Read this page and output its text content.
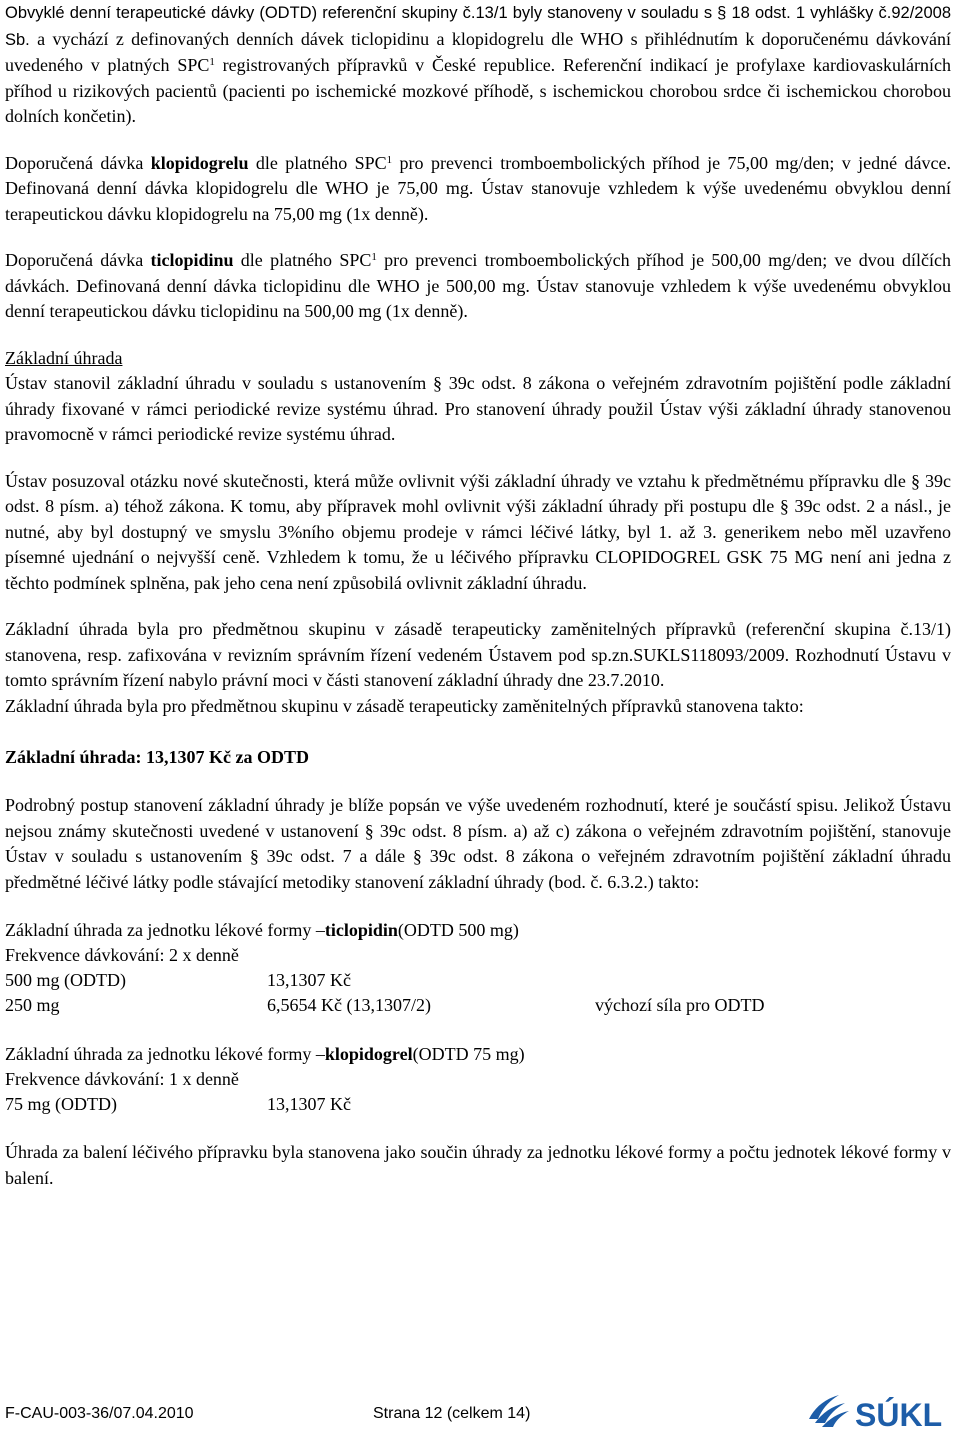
Obvyklé denní terapeutické dávky (ODTD) referenční skupiny č.13/1 byly stanoveny v souladu s § 18 odst. 1 vyhlášky č.92/2008 Sb. a vychází z definovaných denních dávek ticlopidinu a klopidogrelu dle WHO s přihlédnutím k doporučenému dávkování uvedeného v platných SPC$^1$ registrovaných přípravků v České republice. Referenční indikací je profylaxe kardiovaskulárních příhod u rizikových pacientů (pacienti po ischemické mozkové příhodě, s ischemickou chorobou srdce či ischemickou chorobou dolních končetin).

Doporučená dávka klopidogrelu dle platného SPC$^1$ pro prevenci tromboembolických příhod je 75,00 mg/den; v jedné dávce. Definovaná denní dávka klopidogrelu dle WHO je 75,00 mg. Ústav stanovuje vzhledem k výše uvedenému obvyklou denní terapeutickou dávku klopidogrelu na 75,00 mg (1x denně).

Doporučená dávka ticlopidinu dle platného SPC$^1$ pro prevenci tromboembolických příhod je 500,00 mg/den; ve dvou dílčích dávkách. Definovaná denní dávka ticlopidinu dle WHO je 500,00 mg. Ústav stanovuje vzhledem k výše uvedenému obvyklou denní terapeutickou dávku ticlopidinu na 500,00 mg (1x denně).

Základní úhrada

Ústav stanovil základní úhradu v souladu s ustanovením § 39c odst. 8 zákona o veřejném zdravotním pojištění podle základní úhrady fixované v rámci periodické revize systému úhrad. Pro stanovení úhrady použil Ústav výši základní úhrady stanovenou pravomocně v rámci periodické revize systému úhrad.

Ústav posuzoval otázku nové skutečnosti, která může ovlivnit výši základní úhrady ve vztahu k předmětnému přípravku dle § 39c odst. 8 písm. a) téhož zákona. K tomu, aby přípravek mohl ovlivnit výši základní úhrady při postupu dle § 39c odst. 2 a násl., je nutné, aby byl dostupný ve smyslu 3%ního objemu prodeje v rámci léčivé látky, byl 1. až 3. generikem nebo měl uzavřeno písemné ujednání o nejvyšší ceně. Vzhledem k tomu, že u léčivého přípravku CLOPIDOGREL GSK 75 MG není ani jedna z těchto podmínek splněna, pak jeho cena není způsobilá ovlivnit základní úhradu.

Základní úhrada byla pro předmětnou skupinu v zásadě terapeuticky zaměnitelných přípravků (referenční skupina č.13/1) stanovena, resp. zafixována v revizním správním řízení vedeném Ústavem pod sp.zn.SUKLS118093/2009. Rozhodnutí Ústavu v tomto správním řízení nabylo právní moci v části stanovení základní úhrady dne 23.7.2010.

Základní úhrada byla pro předmětnou skupinu v zásadě terapeuticky zaměnitelných přípravků stanovena takto:

Základní úhrada: 13,1307 Kč za ODTD

Podrobný postup stanovení základní úhrady je blíže popsán ve výše uvedeném rozhodnutí, které je součástí spisu. Jelikož Ústavu nejsou známy skutečnosti uvedené v ustanovení § 39c odst. 8 písm. a) až c) zákona o veřejném zdravotním pojištění, stanovuje Ústav v souladu s ustanovením § 39c odst. 7 a dále § 39c odst. 8 zákona o veřejném zdravotním pojištění základní úhradu předmětné léčivé látky podle stávající metodiky stanovení základní úhrady (bod. č. 6.3.2.) takto:

Základní úhrada za jednotku lékové formy – ticlopidin (ODTD 500 mg)
Frekvence dávkování: 2 x denně
500 mg (ODTD)	13,1307 Kč
250 mg	6,5654 Kč (13,1307/2)	výchozí síla pro ODTD
Základní úhrada za jednotku lékové formy – klopidogrel (ODTD 75 mg)
Frekvence dávkování: 1 x denně
75 mg (ODTD)	13,1307 Kč

Úhrada za balení léčivého přípravku byla stanovena jako součin úhrady za jednotku lékové formy a počtu jednotek lékové formy v balení.

F-CAU-003-36/07.04.2010	Strana 12 (celkem 14)	SÚKL
